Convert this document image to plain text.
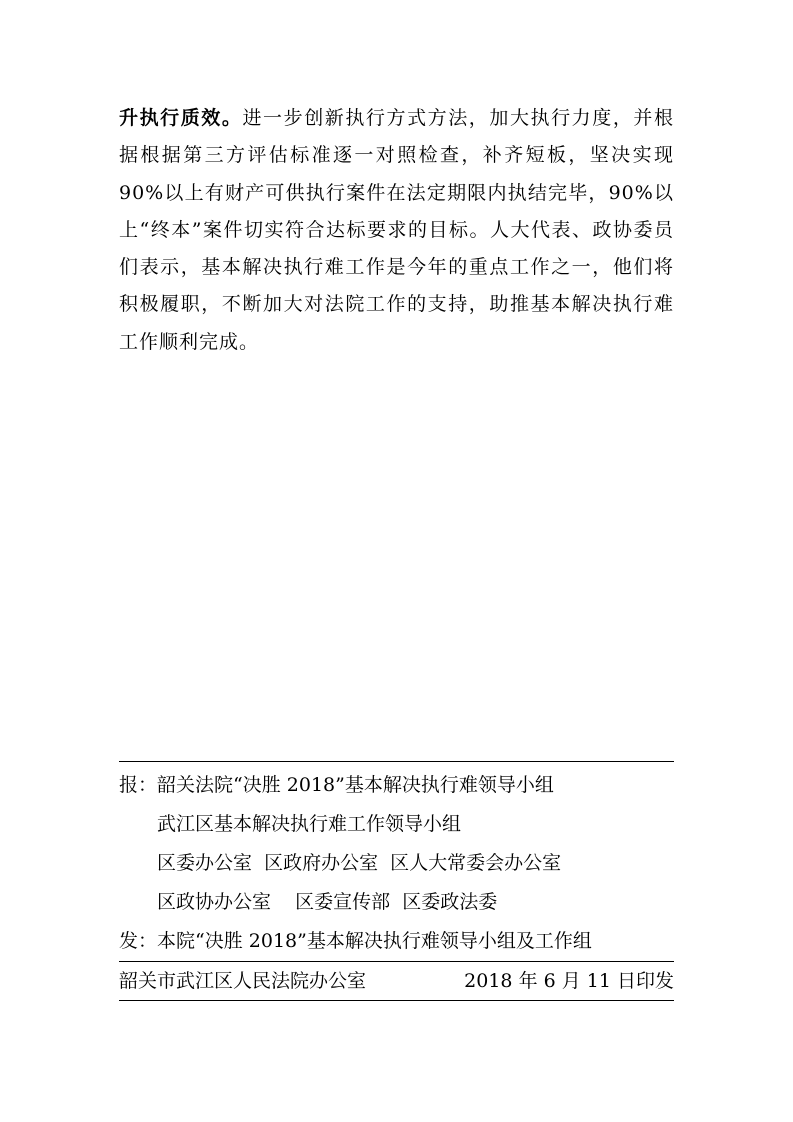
升执行质效。进一步创新执行方式方法，加大执行力度，并根据根据第三方评估标准逐一对照检查，补齐短板，坚决实现 90%以上有财产可供执行案件在法定期限内执结完毕，90%以上“终本”案件切实符合达标要求的目标。人大代表、政协委员们表示，基本解决执行难工作是今年的重点工作之一，他们将积极履职，不断加大对法院工作的支持，助推基本解决执行难工作顺利完成。

报：韶关法院“决胜 2018”基本解决执行难领导小组

武江区基本解决执行难工作领导小组

区委办公室  区政府办公室  区人大常委会办公室

区政协办公室    区委宣传部  区委政法委

发：本院“决胜 2018”基本解决执行难领导小组及工作组

韶关市武江区人民法院办公室	2018 年 6 月 11 日印发
